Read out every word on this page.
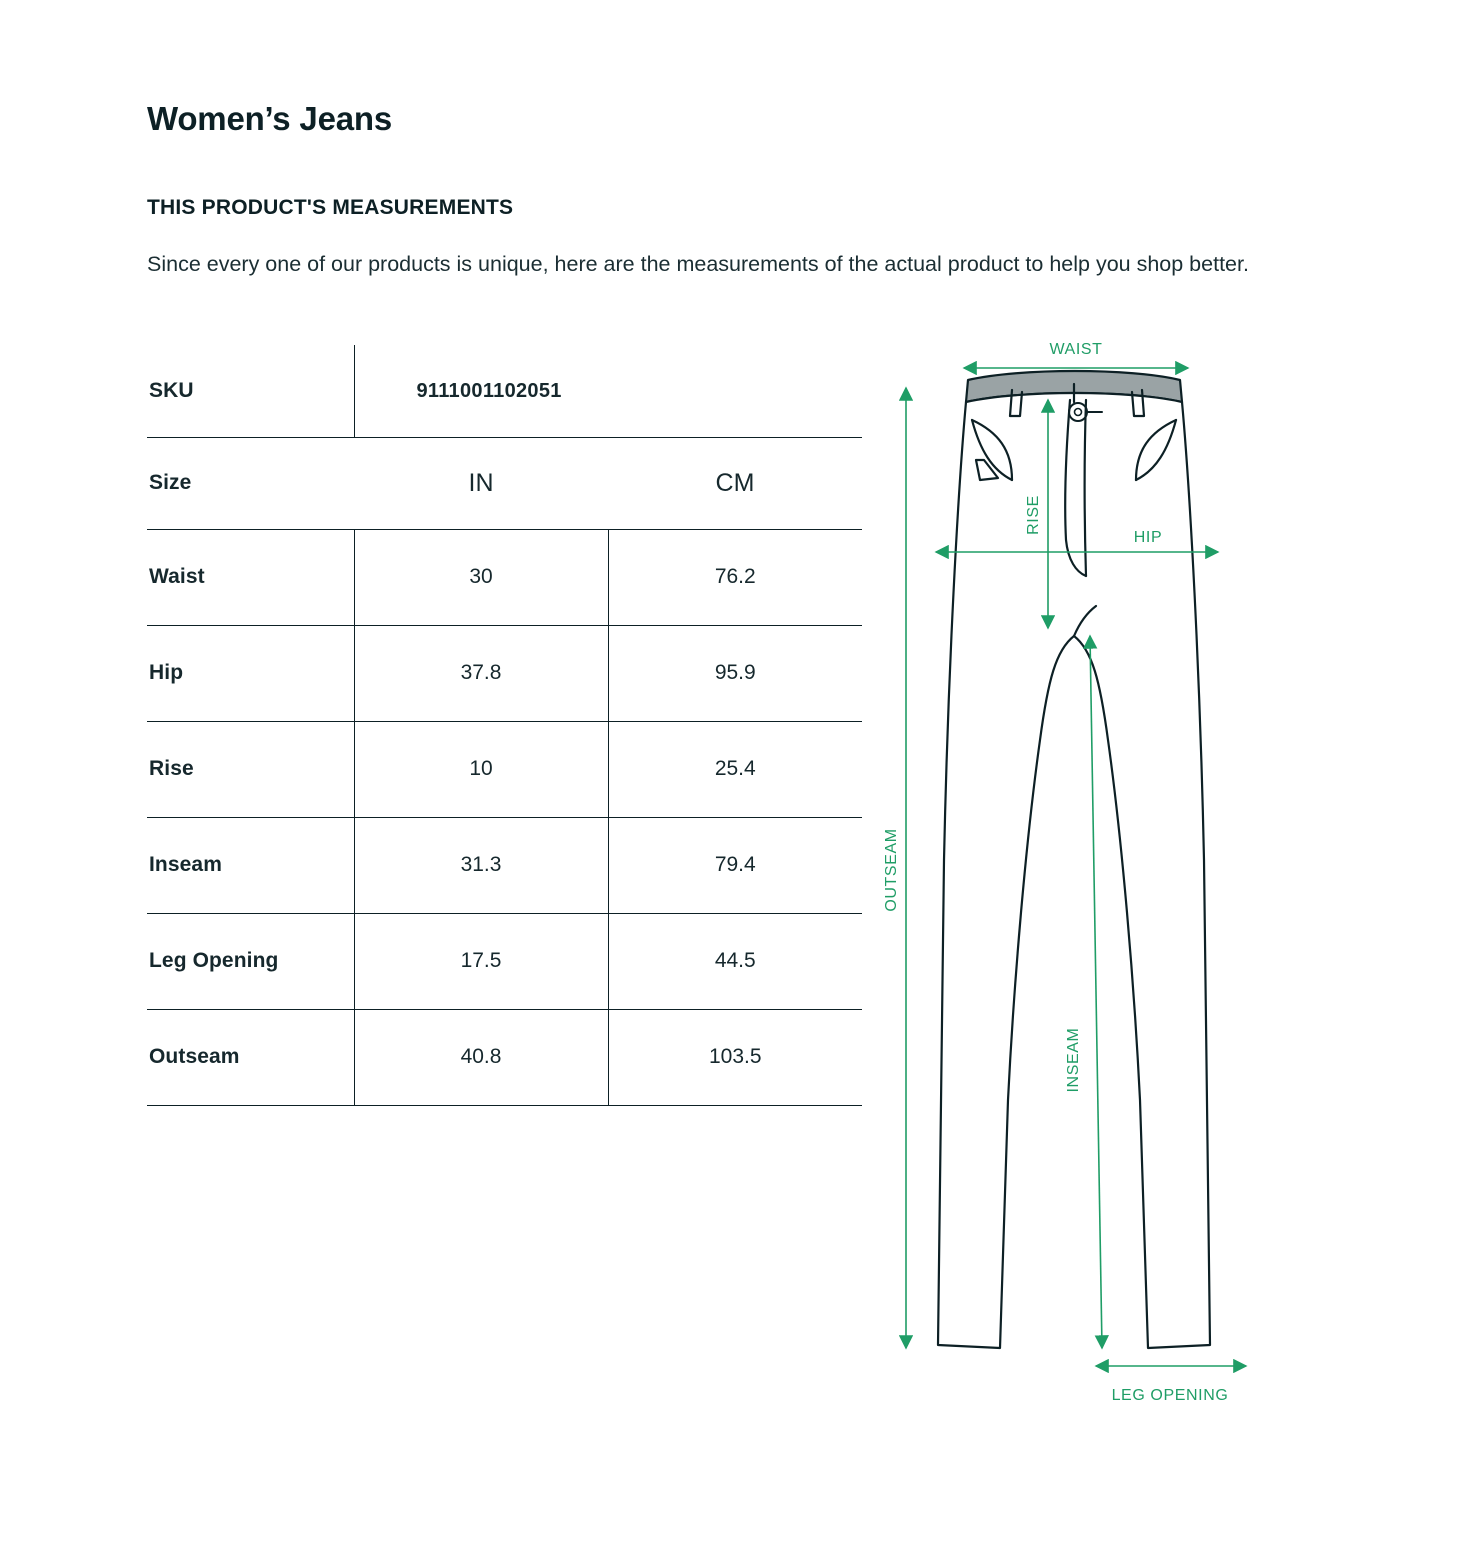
Women’s Jeans
THIS PRODUCT'S MEASUREMENTS

Since every one of our products is unique, here are the measurements of the actual product to help you shop better.

SKU	9111001102051	
Size	IN	CM
Waist	30	76.2
Hip	37.8	95.9
Rise	10	25.4
Inseam	31.3	79.4
Leg Opening	17.5	44.5
Outseam	40.8	103.5
WAIST
HIP
RISE
OUTSEAM
INSEAM
LEG OPENING
